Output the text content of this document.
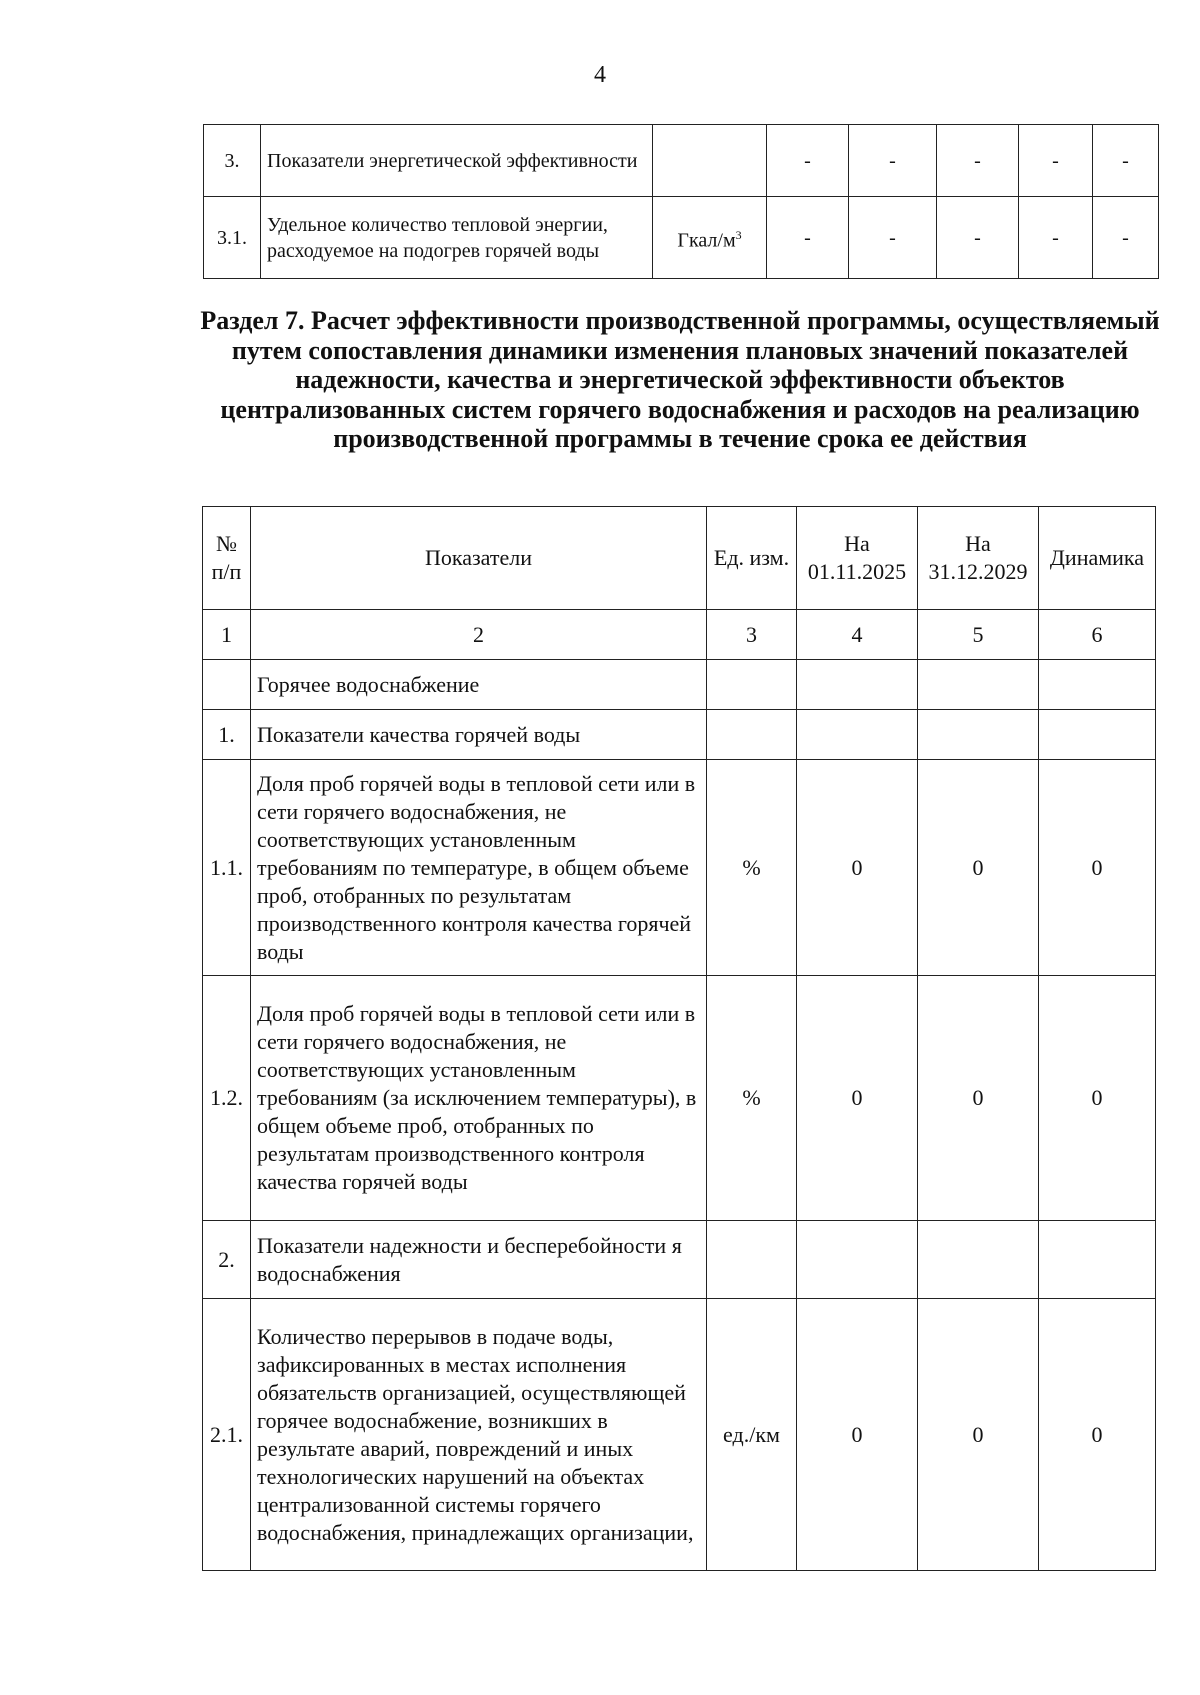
4
3.	Показатели энергетической эффективности		-	-	-	-	-
3.1.	Удельное количество тепловой энергии, расходуемое на подогрев горячей воды	Гкал/$м^3$	-	-	-	-	-
Раздел 7. Расчет эффективности производственной программы, осуществляемый путем сопоставления динамики изменения плановых значений показателей надежности, качества и энергетической эффективности объектов централизованных систем горячего водоснабжения и расходов на реализацию производственной программы в течение срока ее действия
№ п/п	Показатели	Ед. изм.	На 01.11.2025	На 31.12.2029	Динамика
1	2	3	4	5	6
	Горячее водоснабжение				
1.	Показатели качества горячей воды				
1.1.	Доля проб горячей воды в тепловой сети или в сети горячего водоснабжения, не соответствующих установленным требованиям по температуре, в общем объеме проб, отобранных по результатам производственного контроля качества горячей воды	%	0	0	0
1.2.	Доля проб горячей воды в тепловой сети или в сети горячего водоснабжения, не соответствующих установленным требованиям (за исключением температуры), в общем объеме проб, отобранных по результатам производственного контроля качества горячей воды	%	0	0	0
2.	Показатели надежности и бесперебойности я водоснабжения				
2.1.	Количество перерывов в подаче воды, зафиксированных в местах исполнения обязательств организацией, осуществляющей горячее водоснабжение, возникших в результате аварий, повреждений и иных технологических нарушений на объектах централизованной системы горячего водоснабжения, принадлежащих организации,	ед./км	0	0	0
